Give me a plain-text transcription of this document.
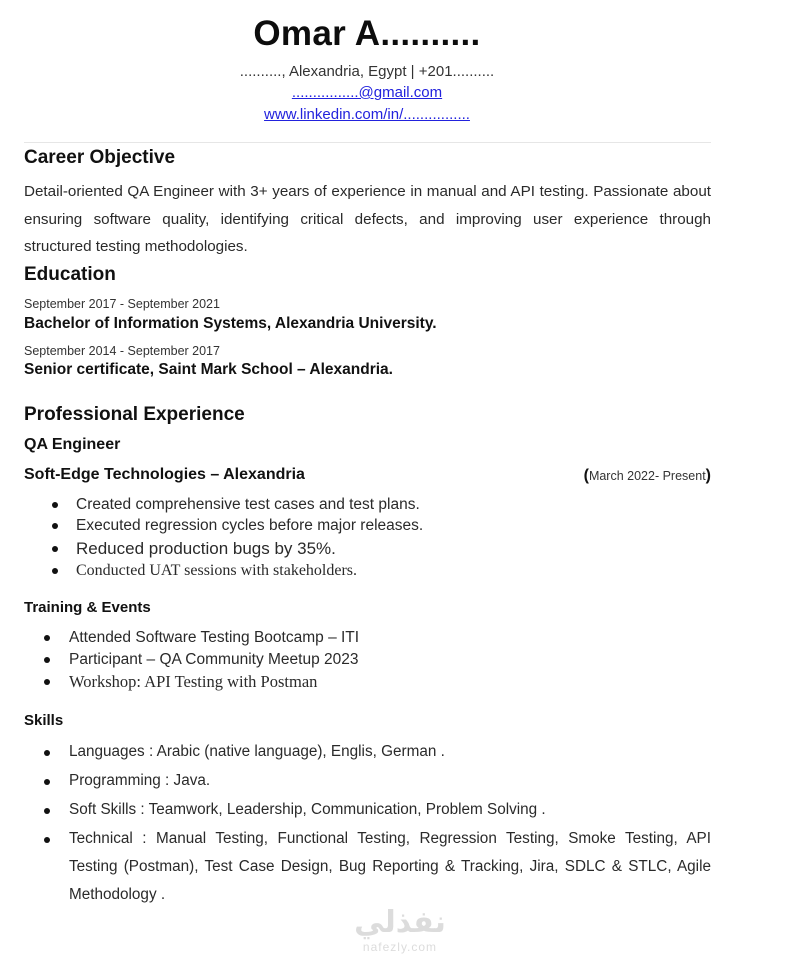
Omar A..........
.........., Alexandria, Egypt | +201..........
................@gmail.com
www.linkedin.com/in/................
Career Objective
Detail-oriented QA Engineer with 3+ years of experience in manual and API testing. Passionate about ensuring software quality, identifying critical defects, and improving user experience through structured testing methodologies.
Education
September 2017 - September 2021
Bachelor of Information Systems, Alexandria University.
September 2014 - September 2017
Senior certificate, Saint Mark School – Alexandria.
Professional Experience
QA Engineer
Soft-Edge Technologies – Alexandria	(March 2022- Present)
Created comprehensive test cases and test plans.
Executed regression cycles before major releases.
Reduced production bugs by 35%.
Conducted UAT sessions with stakeholders.
Training & Events
Attended Software Testing Bootcamp – ITI
Participant – QA Community Meetup 2023
Workshop: API Testing with Postman
Skills
Languages : Arabic (native language), Englis, German .
Programming : Java.
Soft Skills : Teamwork, Leadership, Communication, Problem Solving .
Technical : Manual Testing, Functional Testing, Regression Testing, Smoke Testing, API Testing (Postman), Test Case Design, Bug Reporting & Tracking, Jira, SDLC & STLC, Agile Methodology .
نفذلي
nafezly.com
